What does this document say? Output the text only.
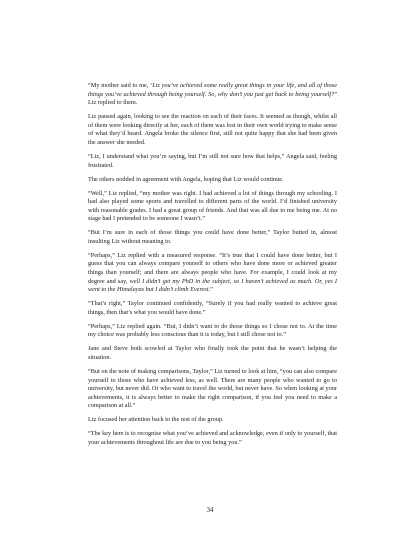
“My mother said to me, ‘Liz you’ve achieved some really great things in your life, and all of those things you’ve achieved through being yourself. So, why don’t you just get back to being yourself?” Liz replied to them.

Liz paused again, looking to see the reaction on each of their faces. It seemed as though, whilst all of them were looking directly at her, each of them was lost in their own world trying to make sense of what they’d heard. Angela broke the silence first, still not quite happy that she had been given the answer she needed.

“Liz, I understand what you’re saying, but I’m still not sure how that helps,” Angela said, feeling frustrated.

The others nodded in agreement with Angela, hoping that Liz would continue.

“Well,” Liz replied, “my mother was right. I had achieved a lot of things through my schooling. I had also played some sports and travelled to different parts of the world. I’d finished university with reasonable grades. I had a great group of friends. And that was all due to me being me. At no stage had I pretended to be someone I wasn’t.”

“But I’m sure in each of those things you could have done better,” Taylor butted in, almost insulting Liz without meaning to.

“Perhaps,” Liz replied with a measured response. “It’s true that I could have done better, but I guess that you can always compare yourself to others who have done more or achieved greater things than yourself; and there are always people who have. For example, I could look at my degree and say, well I didn’t get my PhD in the subject, so I haven’t achieved as much. Or, yes I went to the Himalayas but I didn’t climb Everest.”

“That’s right,” Taylor continued confidently, “Surely if you had really wanted to achieve great things, then that’s what you would have done.”

“Perhaps,” Liz replied again. “But, I didn’t want to do those things so I chose not to. At the time my choice was probably less conscious than it is today, but I still chose not to.”

Jane and Steve both scowled at Taylor who finally took the point that he wasn’t helping the situation.

“But on the note of making comparisons, Taylor,” Liz turned to look at him, “you can also compare yourself to those who have achieved less, as well. There are many people who wanted to go to university, but never did. Or who want to travel the world, but never have. So when looking at your achievements, it is always better to make the right comparison, if you feel you need to make a comparison at all.”

Liz focused her attention back to the rest of the group.

“The key here is to recognise what you’ve achieved and acknowledge, even if only to yourself, that your achievements throughout life are due to you being you.”

34
